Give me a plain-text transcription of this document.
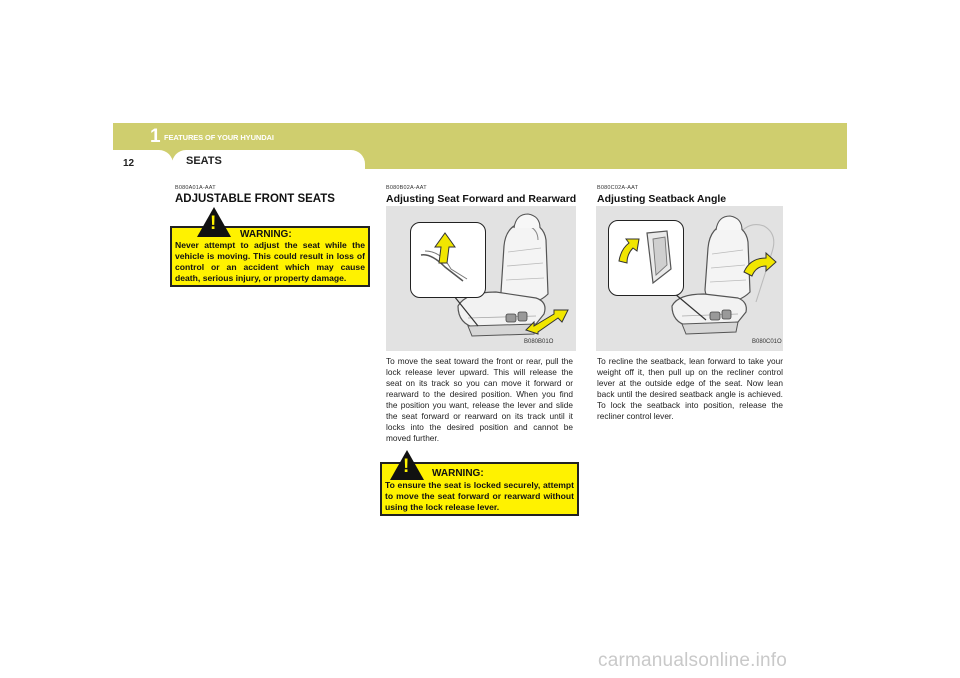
1 FEATURES OF YOUR HYUNDAI
12	SEATS
B080A01A-AAT
ADJUSTABLE FRONT SEATS
!
WARNING:
Never attempt to adjust the seat while the vehicle is moving. This could result in loss of control or an accident which may cause death, serious injury, or property damage.
B080B02A-AAT
Adjusting Seat Forward and Rearward
B080B01O
To move the seat toward the front or rear, pull the lock release lever upward. This will release the seat on its track so you can move it forward or rearward to the desired position. When you find the position you want, release the lever and slide the seat forward or rearward on its track until it locks into the desired position and cannot be moved further.
! WARNING:
To ensure the seat is locked securely, attempt to move the seat forward or rearward without using the lock release lever.
B080C02A-AAT
Adjusting Seatback Angle
B080C01O
To recline the seatback, lean forward to take your weight off it, then pull up on the recliner control lever at the outside edge of the seat. Now lean back until the desired seatback angle is achieved. To lock the seatback into position, release the recliner control lever.
carmanualsonline.info
